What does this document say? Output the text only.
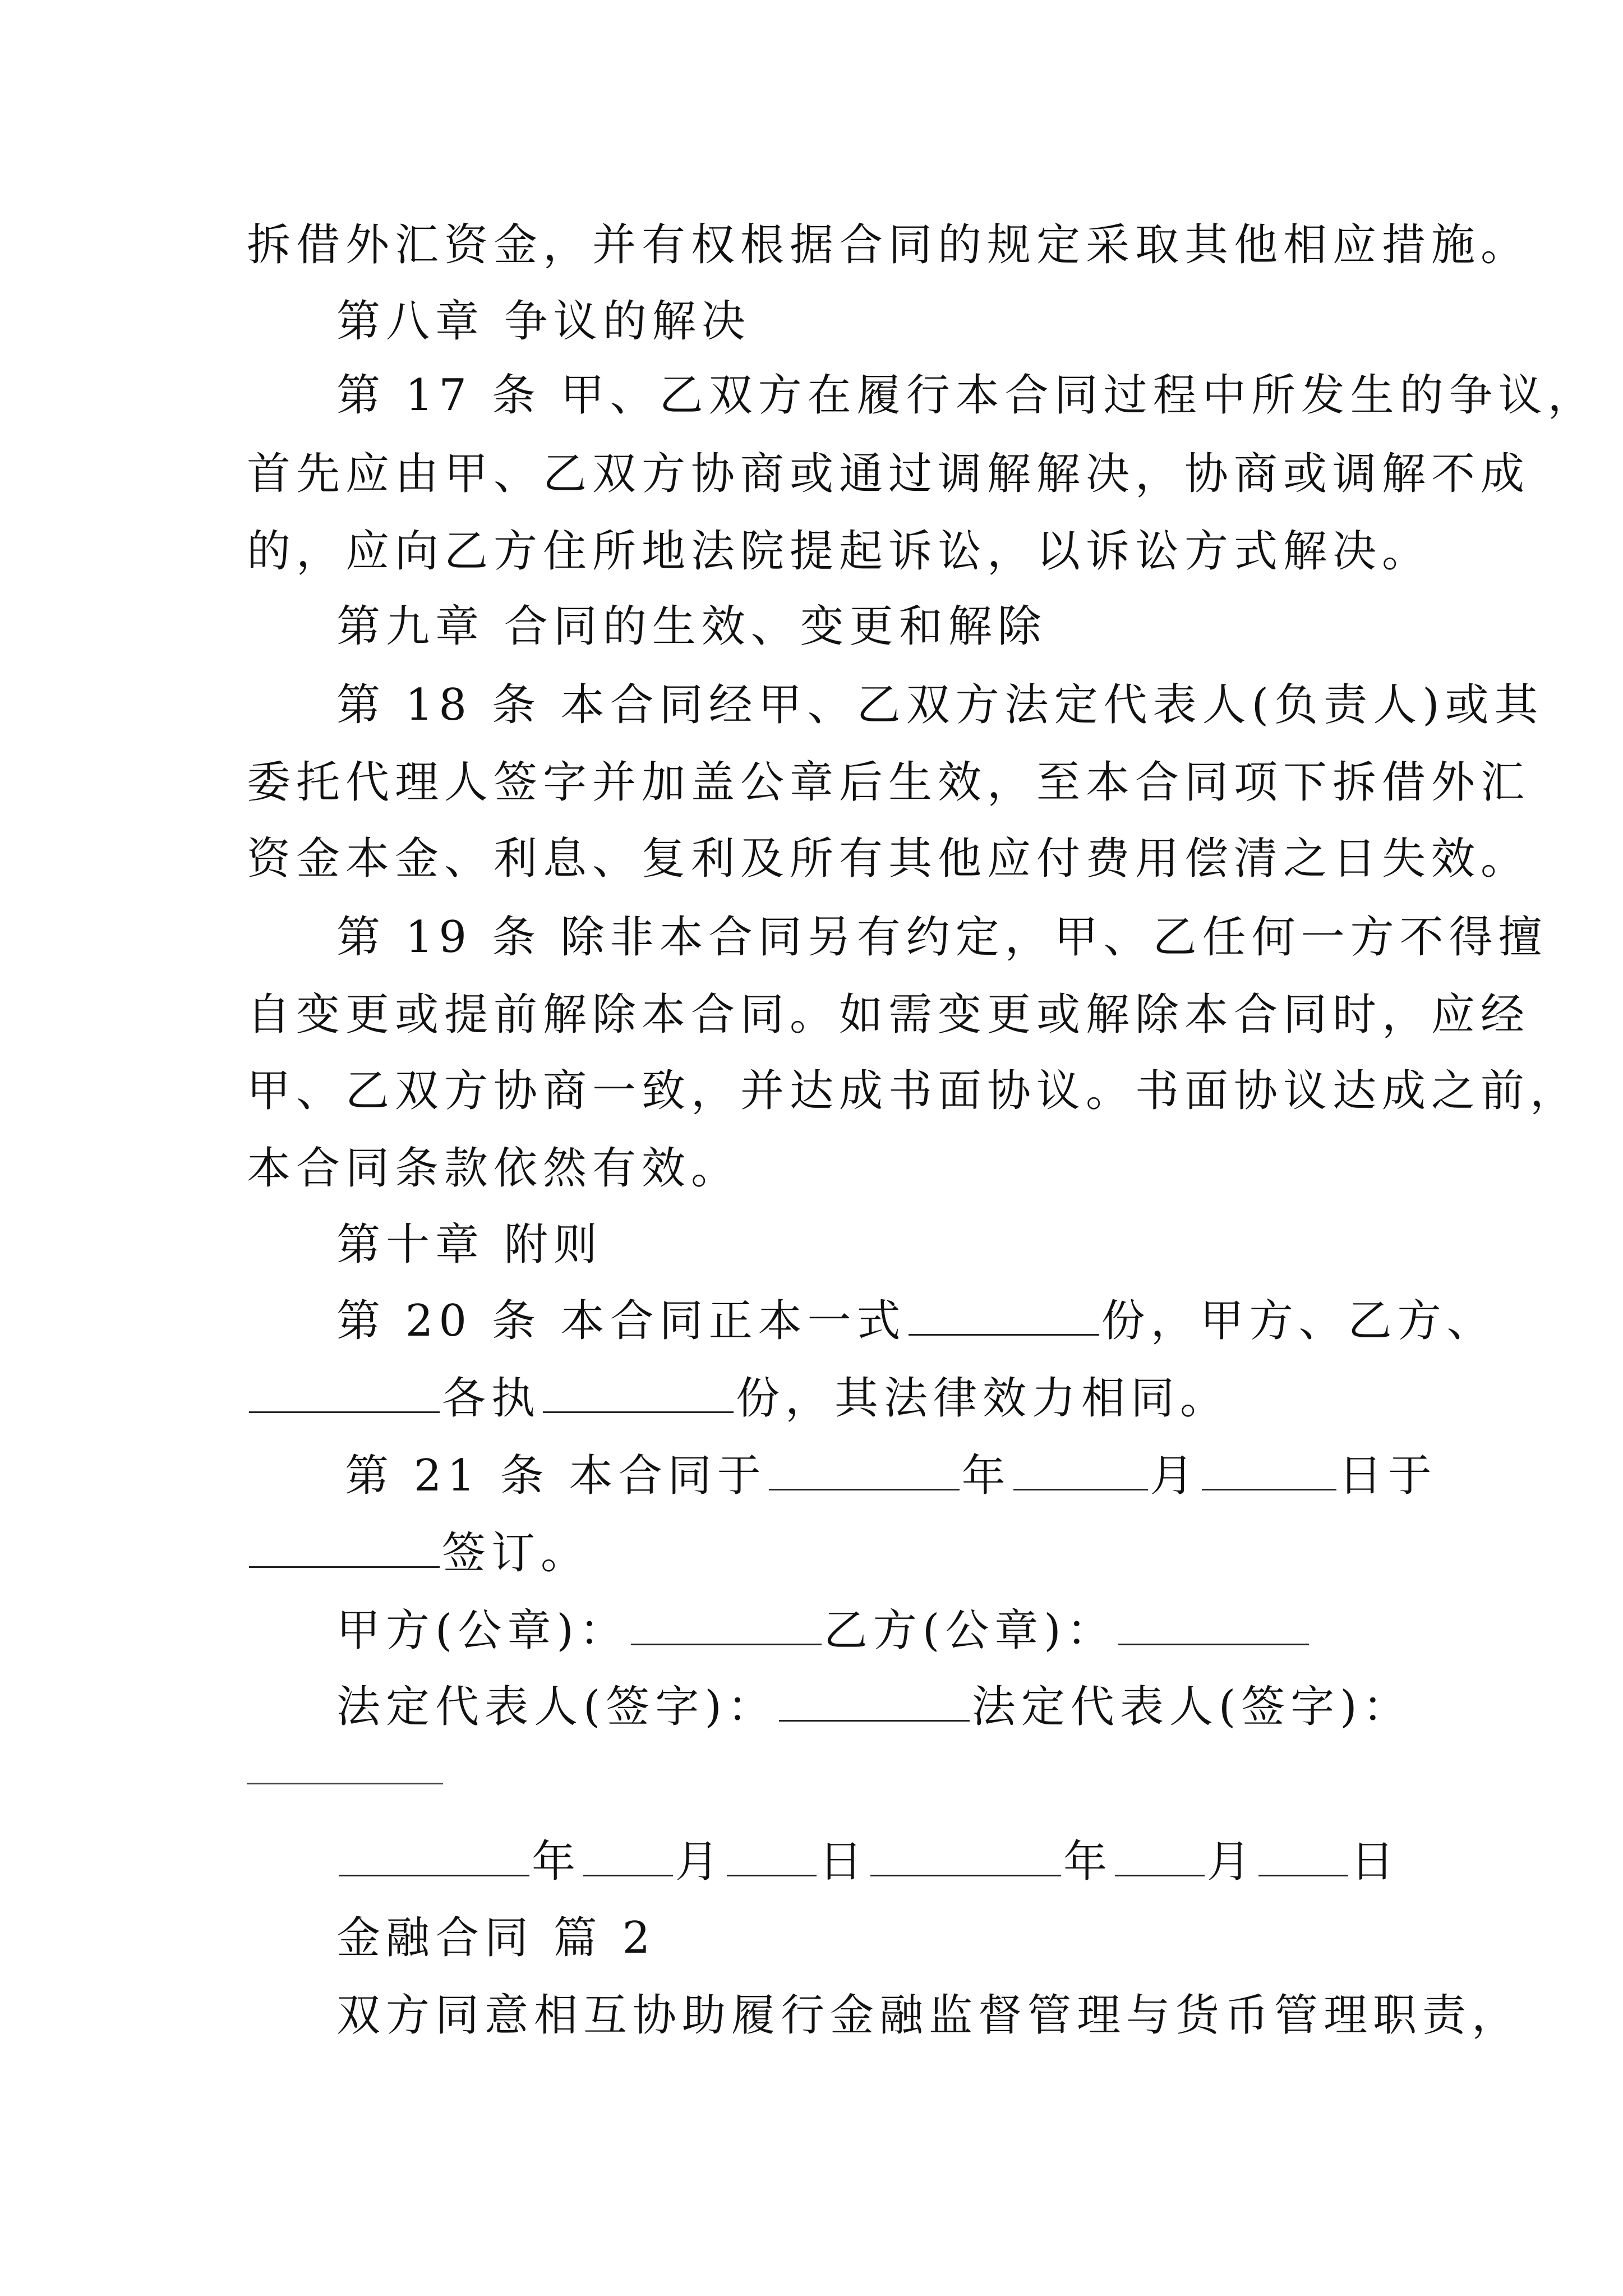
拆借外汇资金，并有权根据合同的规定采取其他相应措施。
第八章 争议的解决
第 17 条 甲、乙双方在履行本合同过程中所发生的争议，
首先应由甲、乙双方协商或通过调解解决，协商或调解不成
的，应向乙方住所地法院提起诉讼，以诉讼方式解决。
第九章 合同的生效、变更和解除
第 18 条 本合同经甲、乙双方法定代表人(负责人)或其
委托代理人签字并加盖公章后生效，至本合同项下拆借外汇
资金本金、利息、复利及所有其他应付费用偿清之日失效。
第 19 条 除非本合同另有约定，甲、乙任何一方不得擅
自变更或提前解除本合同。如需变更或解除本合同时，应经
甲、乙双方协商一致，并达成书面协议。书面协议达成之前，
本合同条款依然有效。
第十章 附则
第 20 条 本合同正本一式	份，甲方、乙方、
各执	份，其法律效力相同。
第 21 条 本合同于	年	月	日于
签订。
甲方(公章)：	乙方(公章)：
法定代表人(签字)：	法定代表人(签字)：
年 月 日	年 月 日
金融合同 篇 2
双方同意相互协助履行金融监督管理与货币管理职责，
